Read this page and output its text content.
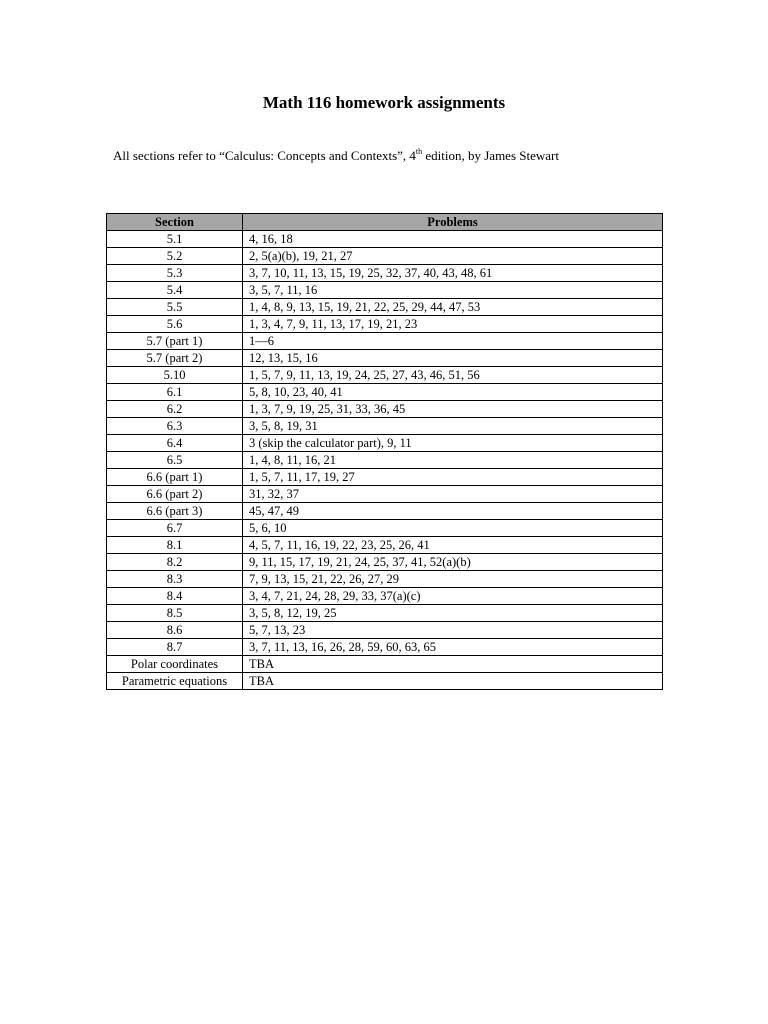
Math 116 homework assignments
All sections refer to “Calculus: Concepts and Contexts”, 4th edition, by James Stewart
Section	Problems
5.1	4, 16, 18
5.2	2, 5(a)(b), 19, 21, 27
5.3	3, 7, 10, 11, 13, 15, 19, 25, 32, 37, 40, 43, 48, 61
5.4	3, 5, 7, 11, 16
5.5	1, 4, 8, 9, 13, 15, 19, 21, 22, 25, 29, 44, 47, 53
5.6	1, 3, 4, 7, 9, 11, 13, 17, 19, 21, 23
5.7 (part 1)	1—6
5.7 (part 2)	12, 13, 15, 16
5.10	1, 5, 7, 9, 11, 13, 19, 24, 25, 27, 43, 46, 51, 56
6.1	5, 8, 10, 23, 40, 41
6.2	1, 3, 7, 9, 19, 25, 31, 33, 36, 45
6.3	3, 5, 8, 19, 31
6.4	3 (skip the calculator part), 9, 11
6.5	1, 4, 8, 11, 16, 21
6.6 (part 1)	1, 5, 7, 11, 17, 19, 27
6.6 (part 2)	31, 32, 37
6.6 (part 3)	45, 47, 49
6.7	5, 6, 10
8.1	4, 5, 7, 11, 16, 19, 22, 23, 25, 26, 41
8.2	9, 11, 15, 17, 19, 21, 24, 25, 37, 41, 52(a)(b)
8.3	7, 9, 13, 15, 21, 22, 26, 27, 29
8.4	3, 4, 7, 21, 24, 28, 29, 33, 37(a)(c)
8.5	3, 5, 8, 12, 19, 25
8.6	5, 7, 13, 23
8.7	3, 7, 11, 13, 16, 26, 28, 59, 60, 63, 65
Polar coordinates	TBA
Parametric equations	TBA
